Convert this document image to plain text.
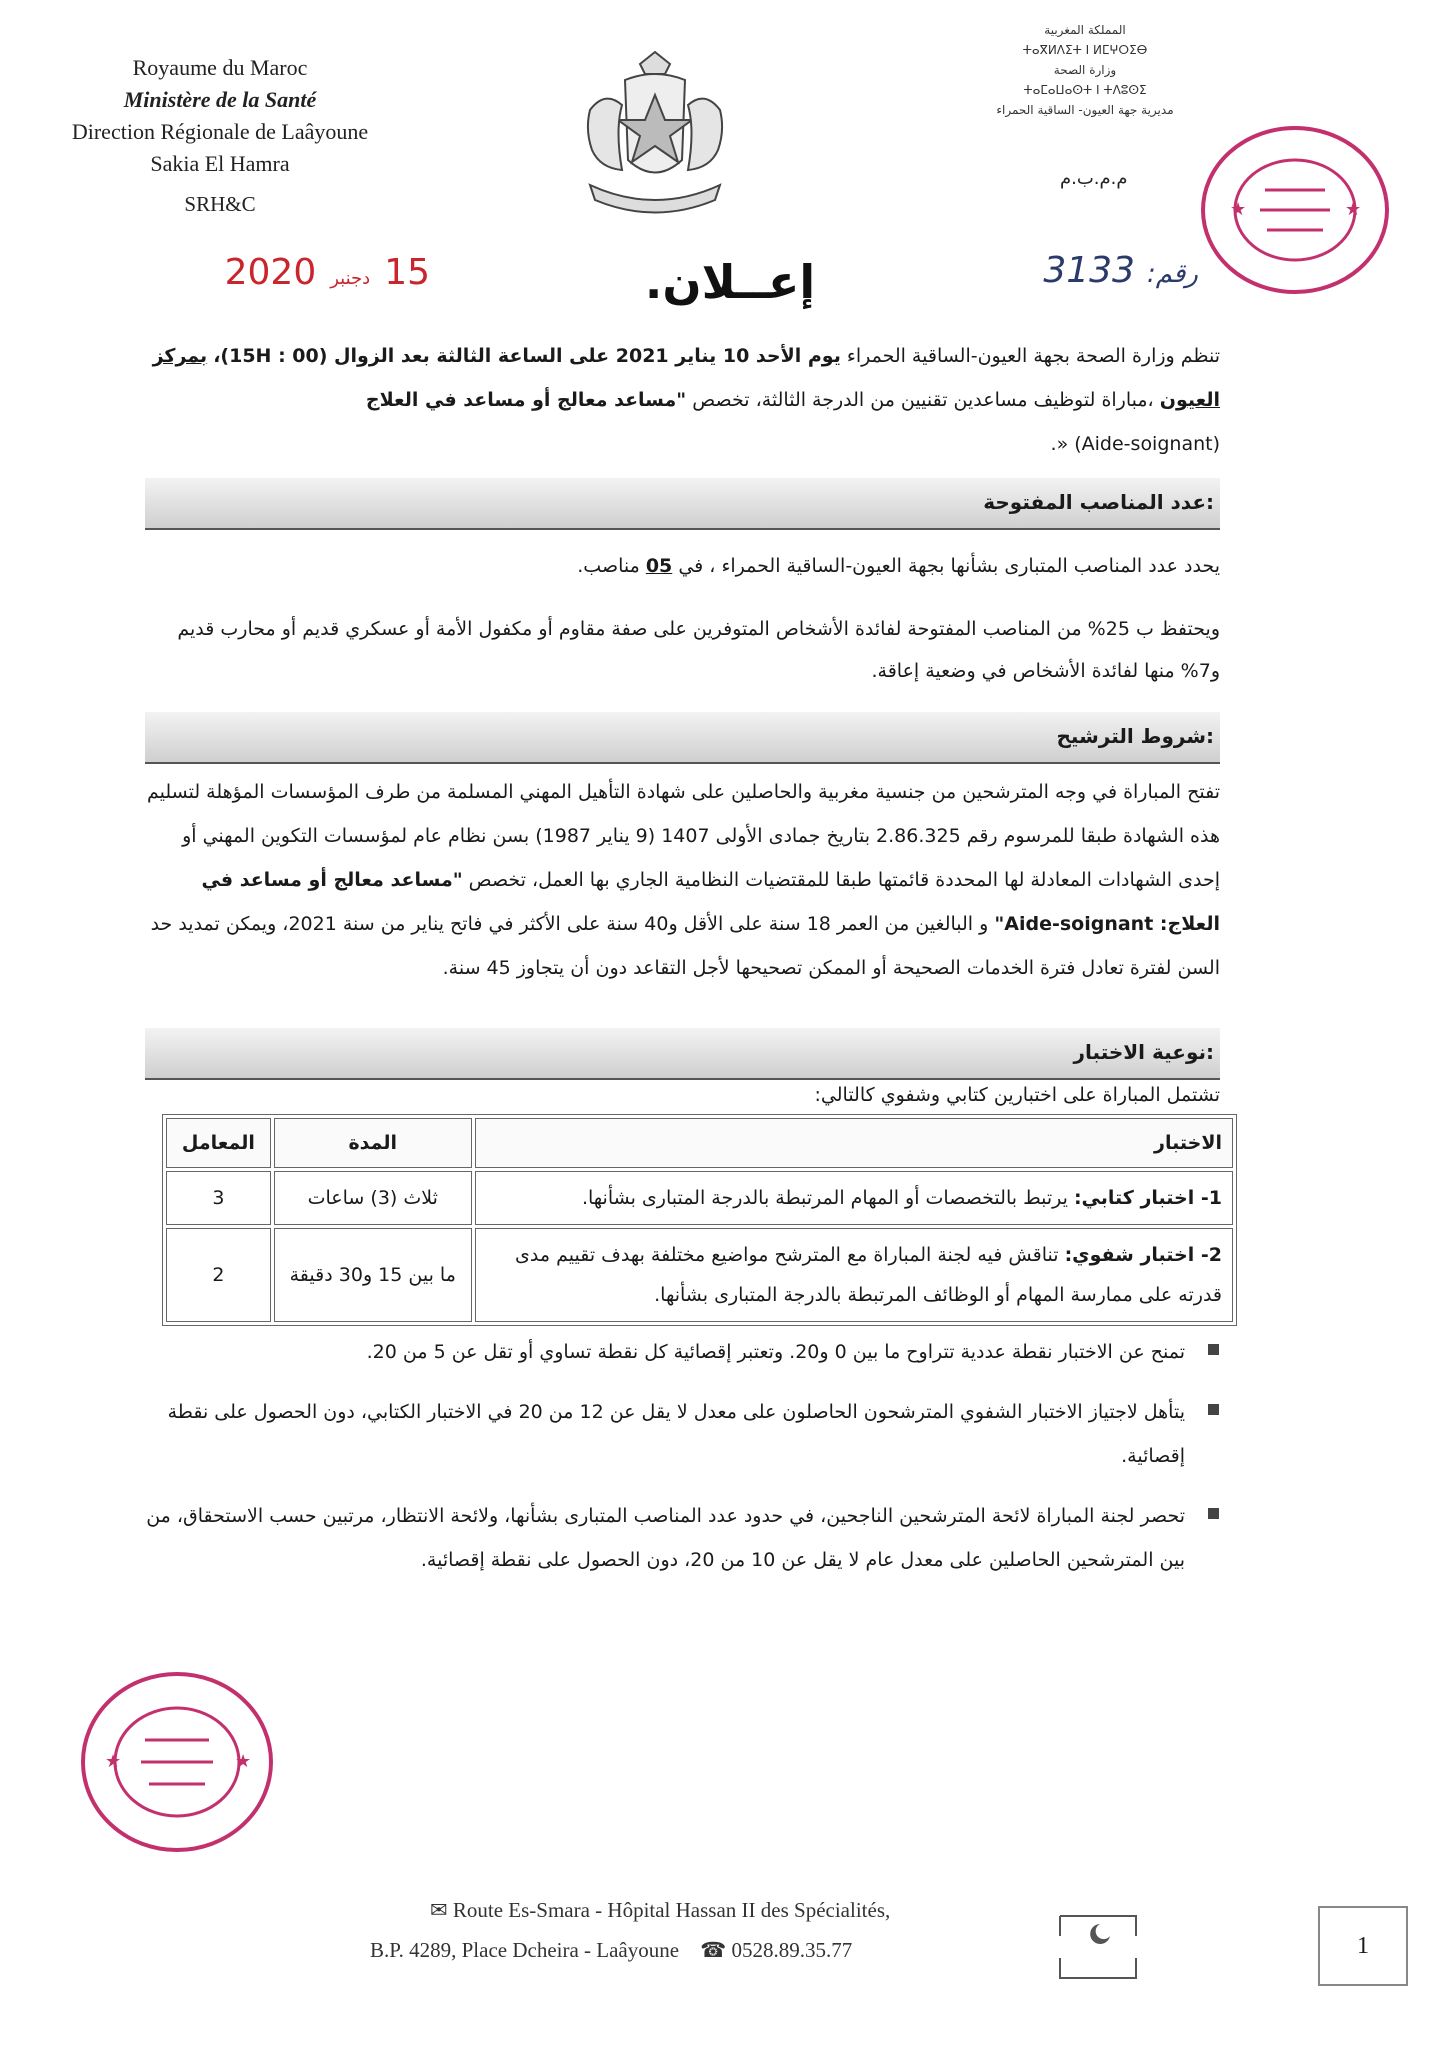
Royaume du Maroc
Ministère de la Santé
Direction Régionale de Laâyoune
Sakia El Hamra
SRH&C
المملكة المغربية
ⵜⴰⴳⵍⴷⵉⵜ ⵏ ⵍⵎⵖⵔⵉⴱ
وزارة الصحة
ⵜⴰⵎⴰⵡⴰⵙⵜ ⵏ ⵜⴷⵓⵙⵉ
مديرية جهة العيون- الساقية الحمراء
م.م.ب.م
★	★
15
دجنبر
2020	رقم:
3133
إعــلان.
تنظم وزارة الصحة بجهة العيون-الساقية الحمراء يوم الأحد 10 يناير 2021 على الساعة الثالثة بعد الزوال (15H : 00)، بمركز العيون ،مباراة لتوظيف مساعدين تقنيين من الدرجة الثالثة، تخصص "مساعد معالج أو مساعد في العلاج
(Aide-soignant) «.
عدد المناصب المفتوحة:
يحدد عدد المناصب المتبارى بشأنها بجهة العيون-الساقية الحمراء ، في 05 مناصب.
ويحتفظ ب 25% من المناصب المفتوحة لفائدة الأشخاص المتوفرين على صفة مقاوم أو مكفول الأمة أو عسكري قديم أو محارب قديم و7% منها لفائدة الأشخاص في وضعية إعاقة.
شروط الترشيح:
تفتح المباراة في وجه المترشحين من جنسية مغربية والحاصلين على شهادة التأهيل المهني المسلمة من طرف المؤسسات المؤهلة لتسليم هذه الشهادة طبقا للمرسوم رقم 2.86.325 بتاريخ جمادى الأولى 1407 (9 يناير 1987) بسن نظام عام لمؤسسات التكوين المهني أو إحدى الشهادات المعادلة لها المحددة قائمتها طبقا للمقتضيات النظامية الجاري بها العمل، تخصص "مساعد معالج أو مساعد في العلاج: Aide-soignant" و البالغين من العمر 18 سنة على الأقل و40 سنة على الأكثر في فاتح يناير من سنة 2021، ويمكن تمديد حد السن لفترة تعادل فترة الخدمات الصحيحة أو الممكن تصحيحها لأجل التقاعد دون أن يتجاوز 45 سنة.
نوعية الاختبار:
تشتمل المباراة على اختبارين كتابي وشفوي كالتالي:
الاختبار	المدة	المعامل
1- اختبار كتابي: يرتبط بالتخصصات أو المهام المرتبطة بالدرجة المتبارى بشأنها.	ثلاث (3) ساعات	3
2- اختبار شفوي: تناقش فيه لجنة المباراة مع المترشح مواضيع مختلفة بهدف تقييم مدى قدرته على ممارسة المهام أو الوظائف المرتبطة بالدرجة المتبارى بشأنها.	ما بين 15 و30 دقيقة	2
تمنح عن الاختبار نقطة عددية تتراوح ما بين 0 و20. وتعتبر إقصائية كل نقطة تساوي أو تقل عن 5 من 20.
يتأهل لاجتياز الاختبار الشفوي المترشحون الحاصلون على معدل لا يقل عن 12 من 20 في الاختبار الكتابي، دون الحصول على نقطة إقصائية.
تحصر لجنة المباراة لائحة المترشحين الناجحين، في حدود عدد المناصب المتبارى بشأنها، ولائحة الانتظار، مرتبين حسب الاستحقاق، من بين المترشحين الحاصلين على معدل عام لا يقل عن 10 من 20، دون الحصول على نقطة إقصائية.
★	★
✉ Route Es-Smara - Hôpital Hassan II des Spécialités,
B.P. 4289, Place Dcheira - Laâyoune ☎ 0528.89.35.77	1
